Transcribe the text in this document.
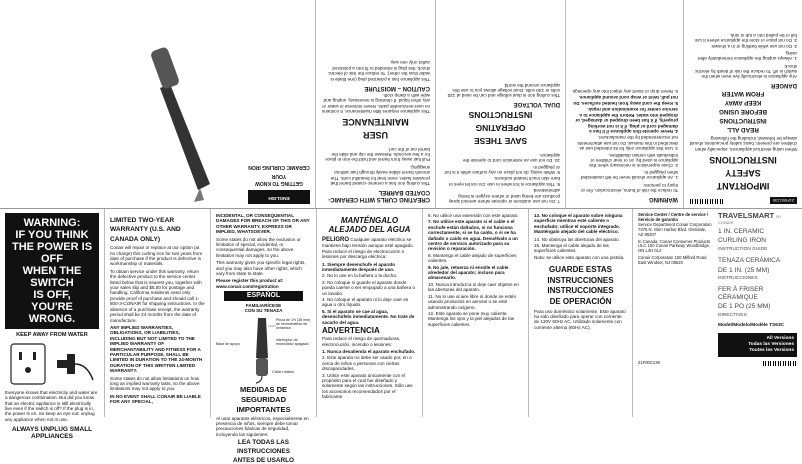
21F00C139
IMPORTANT
SAFETY
INSTRUCTIONS
When using electrical appliances, especially when children are present, basic safety precautions should always be followed, including the following:
READ ALL
INSTRUCTIONS
BEFORE USING
KEEP AWAY
FROM WATER
DANGER
Any appliance is electrically live even when the switch is off. To reduce the risk of death by electric shock:
1. Always unplug the appliance immediately after using.
2. Do not use while bathing or in a shower.
3. Do not place or store the appliance where it can fall or be pulled into a tub or sink.
WARNING
To reduce the risk of burns, electrocution, fire or injury to persons:
1. An appliance should never be left unattended when plugged in.
2. Close supervision is necessary when this appliance is used by, on or near children or individuals with certain disabilities.
3. Use this appliance only for its intended use as described in this manual. Do not use attachments not recommended by the manufacturer.
4. Never operate this appliance if it has a damaged cord or plug, if it is not working properly, if it has been dropped or damaged, or dropped into water. Return the appliance to a service center for examination and repair.
5. Keep the cord away from heated surfaces. Do not pull, twist or wrap cord around appliance.
6. Never drop or insert any object into any openings.
7. Do not use outdoors or operate where aerosol spray products are being used or where oxygen is being administered.
8. This appliance is hot when in use. Do not let eyes or bare skin touch heated surfaces.
9. While using, do not place on any surface while it is hot or plugged in.
10. Do not use an extension cord to operate the appliance.
SAVE THESE
OPERATING
INSTRUCTIONS
DUAL VOLTAGE
This curling iron is dual voltage and can be used at 120 volts or 240 volts. Dual voltage allows you to use this appliance around the world.
CREATING CURLS WITH CERAMIC-COATED BARREL
This curling iron has a ceramic-coated barrel that provides faster, even heat for beautiful curls. The smooth barrel slides easily through hair without snagging.
Pull hair away from barrel and hold the iron in place for a few seconds. Release the clip and slide the barrel out of the curl.
USER
MAINTENANCE
This appliance requires little maintenance. It contains no user-serviceable parts. Never immerse in water or any other liquid. If cleaning is necessary, unplug and wipe with a damp cloth.
CAUTION – MOISTURE
This appliance has a polarized plug (one blade is wider than the other). To reduce the risk of electric shock, this plug is intended to fit into a polarized outlet only one way.
ENGLISH
GETTING TO KNOW YOUR
CERAMIC CURLING IRON
WARNING:
IF YOU THINK
THE POWER IS OFF
WHEN THE SWITCH
IS OFF,
YOU'RE WRONG.
KEEP AWAY FROM WATER
Everyone knows that electricity and water are a dangerous combination. But did you know that an electric appliance is still electrically live even if the switch is off? If the plug is in, the power is on. So keep an eye out: unplug any appliance when not in use.
ALWAYS UNPLUG SMALL APPLIANCES
LIMITED TWO-YEAR
WARRANTY (U.S. AND
CANADA ONLY)
Conair will repair or replace at our option (at no charge) this curling iron for two years from date of purchase if the product is defective in workmanship or materials.
To obtain service under this warranty, return the defective product to the service center listed below that is nearest you, together with your sales slip and $5.00 for postage and handling. California residents need only provide proof of purchase and should call 1-800-3-CONAIR for shipping instructions. In the absence of a purchase receipt, the warranty period shall be 24 months from the date of manufacture.
ANY IMPLIED WARRANTIES, OBLIGATIONS, OR LIABILITIES, INCLUDING BUT NOT LIMITED TO THE IMPLIED WARRANTY OF MERCHANTABILITY AND FITNESS FOR A PARTICULAR PURPOSE, SHALL BE LIMITED IN DURATION TO THE 24-MONTH DURATION OF THIS WRITTEN LIMITED WARRANTY.
Some states do not allow limitations on how long an implied warranty lasts, so the above limitations may not apply to you.
IN NO EVENT SHALL CONAIR BE LIABLE FOR ANY SPECIAL,
INCIDENTAL, OR CONSEQUENTIAL DAMAGES FOR BREACH OF THIS OR ANY OTHER WARRANTY, EXPRESS OR IMPLIED, WHATSOEVER.
Some states do not allow the exclusion or limitation of special, incidental, or consequential damages, so the above limitation may not apply to you.
This warranty gives you specific legal rights, and you may also have other rights, which vary from state to state.
Please register this product at: www.conair.com/registration
ESPAÑOL
FAMILIARÍCESE
CON SU TENAZA
Pinza de 1½ (38 mm) de revestimiento de cerámica
Interruptor de encendido/ apagado
Base de apoyo
Cable rotativo
MEDIDAS DE
SEGURIDAD
IMPORTANTES
Al usar aparatos eléctricos, especialmente en presencia de niños, siempre debe tomar precauciones básicas de seguridad, incluyendo las siguientes:
LEA TODAS LAS
INSTRUCCIONES
ANTES DE USARLO
MANTÉNGALO ALEJADO DEL AGUA
PELIGRO Cualquier aparato eléctrico se mantiene bajo tensión aunque esté apagado. Para reducir el riesgo de electrocución o lesiones por descarga eléctrica:
1. Siempre desenchufe el aparato inmediatamente después de uso.
2. No lo use en la bañera o la ducha.
3. No coloque ni guarde el aparato donde pueda caerse o ser empujado a una bañera o un lavabo.
4. No coloque el aparato ni lo deje caer en agua u otro líquido.
5. Si el aparato se cae al agua, desenchúfelo inmediatamente. No trate de sacarlo del agua.
ADVERTENCIA
Para reducir el riesgo de quemaduras, electrocución, incendio o lesiones:
1. Nunca desatienda el aparato enchufado.
2. Este aparato no debe ser usado por, en o cerca de niños o personas con ciertas discapacidades.
3. Utilice este aparato únicamente con el propósito para el cual fue diseñado y solamente según las instrucciones. Sólo use los accesorios recomendados por el fabricante.
6. No utilice una extensión con este aparato.
7. No utilice este aparato si el cable o el enchufe están dañados, si no funciona correctamente, si se ha caído, o si se ha dañado o caído en agua. Devuélvalo a un centro de servicio autorizado para su revisión o reparación.
8. Mantenga el cable alejado de superficies calientes.
9. No jale, retuerza ni enrolle el cable alrededor del aparato; incluso para almacenarlo.
10. Nunca introduzca ni deje caer objetos en las aberturas del aparato.
11. No lo use al aire libre ni donde se estén usando productos en aerosol o se esté administrando oxígeno.
12. Este aparato se pone muy caliente. Mantenga los ojos y la piel alejados de las superficies calientes.
13. No coloque el aparato sobre ninguna superficie mientras esté caliente o enchufado; utilice el soporte integrado. Manténgalo alejado del cable eléctrico.
14. No obstruya las aberturas del aparato.
15. Mantenga el cable alejado de las superficies calientes.
Nota: se utilice este aparato con una pistola.
GUARDE ESTAS
INSTRUCCIONES
INSTRUCCIONES
DE OPERACIÓN
Para uso doméstico solamente. Este aparato ha sido diseñado para operar con corriente de 120V 60Hz AC. Utilizado solamente con corriente alterna (60Hz AC).
Service Center / Centre de service / Servicio de garantía
Service Department Conair Corporation 7475 N. Glen Harbor Blvd. Glendale, AZ 85307
In Canada: Conair Consumer Products ULC 100 Conair Parkway Woodbridge, ON L4H 0L2
Conair Corporation 150 Milford Road East Windsor, NJ 08520
TRAVELSMART BY CONAIR
1 IN. CERAMIC
CURLING IRON
INSTRUCTION GUIDE
TENAZA CERÁMICA
DE 1 IN. (25 MM)
INSTRUCCIONES
FER À FRISER CÉRAMIQUE
DE 1 PO (25 MM)
DIRECTIVES
Model/Modelo/Modèle TS63C
All Versions
Todas las Versiones
Toutes les Versions
21F00C139
